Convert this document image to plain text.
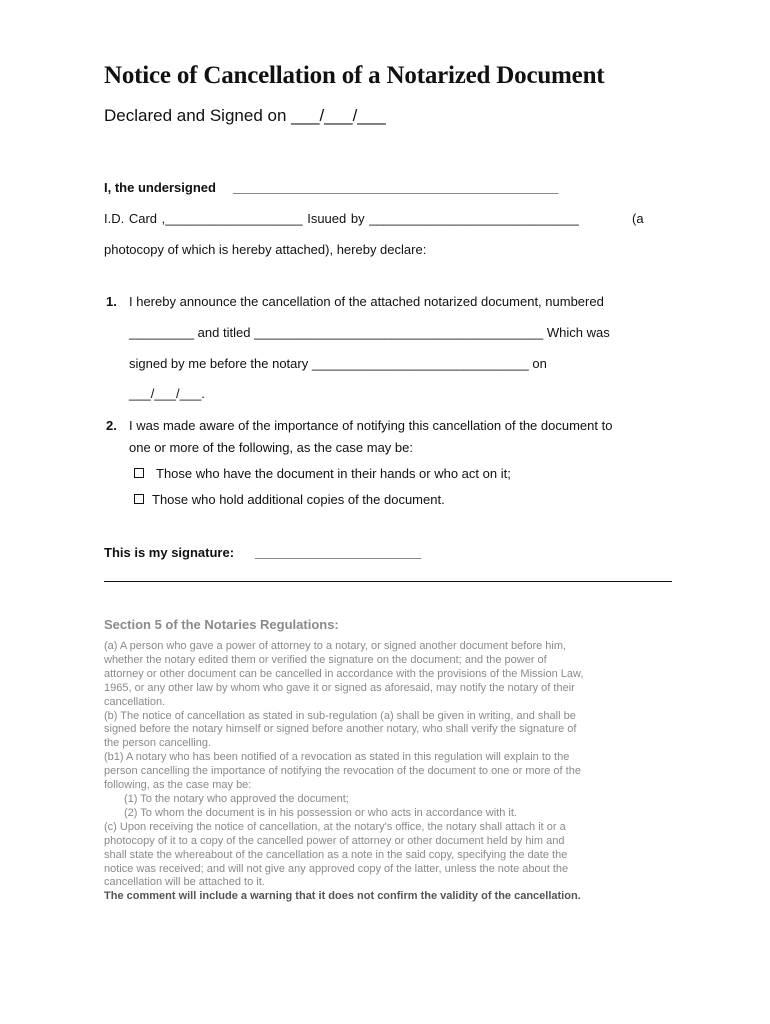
Notice of Cancellation of a Notarized Document
Declared and Signed on ___/___/___
I, the undersigned _____________________________________________
I.D. Card ,___________________ Isuued by _____________________________	(a
photocopy of which is hereby attached), hereby declare:
1. I hereby announce the cancellation of the attached notarized document, numbered
_________ and titled ________________________________________ Which was
signed by me before the notary ______________________________ on
___/___/___.
2. I was made aware of the importance of notifying this cancellation of the document to
one or more of the following, as the case may be:
Those who have the document in their hands or who act on it;
Those who hold additional copies of the document.
This is my signature: _______________________
Section 5 of the Notaries Regulations:
(a) A person who gave a power of attorney to a notary, or signed another document before him,
whether the notary edited them or verified the signature on the document; and the power of
attorney or other document can be cancelled in accordance with the provisions of the Mission Law,
1965, or any other law by whom who gave it or signed as aforesaid, may notify the notary of their
cancellation.
(b) The notice of cancellation as stated in sub-regulation (a) shall be given in writing, and shall be
signed before the notary himself or signed before another notary, who shall verify the signature of
the person cancelling.
(b1) A notary who has been notified of a revocation as stated in this regulation will explain to the
person cancelling the importance of notifying the revocation of the document to one or more of the
following, as the case may be:
(1) To the notary who approved the document;
(2) To whom the document is in his possession or who acts in accordance with it.
(c) Upon receiving the notice of cancellation, at the notary's office, the notary shall attach it or a
photocopy of it to a copy of the cancelled power of attorney or other document held by him and
shall state the whereabout of the cancellation as a note in the said copy, specifying the date the
notice was received; and will not give any approved copy of the latter, unless the note about the
cancellation will be attached to it.
The comment will include a warning that it does not confirm the validity of the cancellation.
